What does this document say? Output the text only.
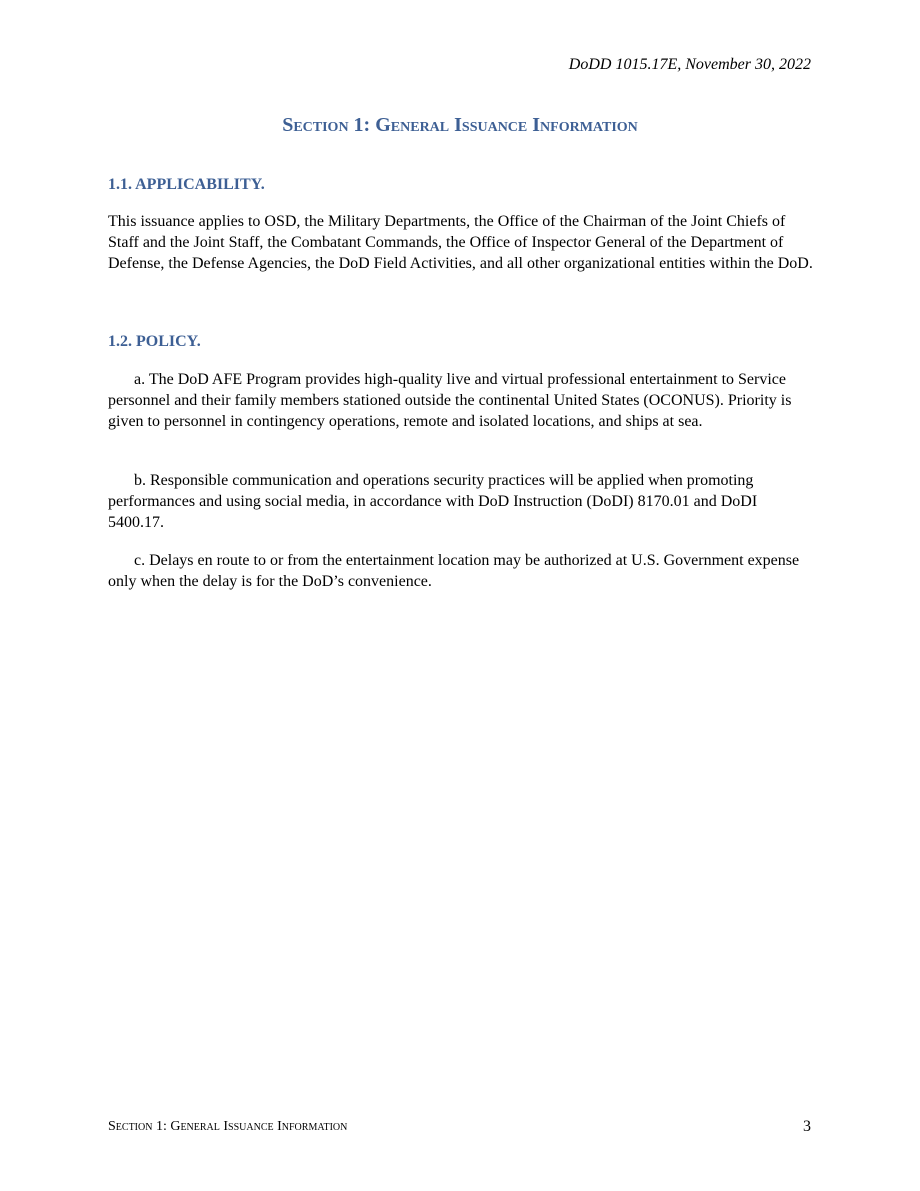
DoDD 1015.17E, November 30, 2022
Section 1: General Issuance Information
1.1. APPLICABILITY.
This issuance applies to OSD, the Military Departments, the Office of the Chairman of the Joint Chiefs of Staff and the Joint Staff, the Combatant Commands, the Office of Inspector General of the Department of Defense, the Defense Agencies, the DoD Field Activities, and all other organizational entities within the DoD.
1.2. POLICY.
a. The DoD AFE Program provides high-quality live and virtual professional entertainment to Service personnel and their family members stationed outside the continental United States (OCONUS). Priority is given to personnel in contingency operations, remote and isolated locations, and ships at sea.
b. Responsible communication and operations security practices will be applied when promoting performances and using social media, in accordance with DoD Instruction (DoDI) 8170.01 and DoDI 5400.17.
c. Delays en route to or from the entertainment location may be authorized at U.S. Government expense only when the delay is for the DoD’s convenience.
Section 1: General Issuance Information	3
